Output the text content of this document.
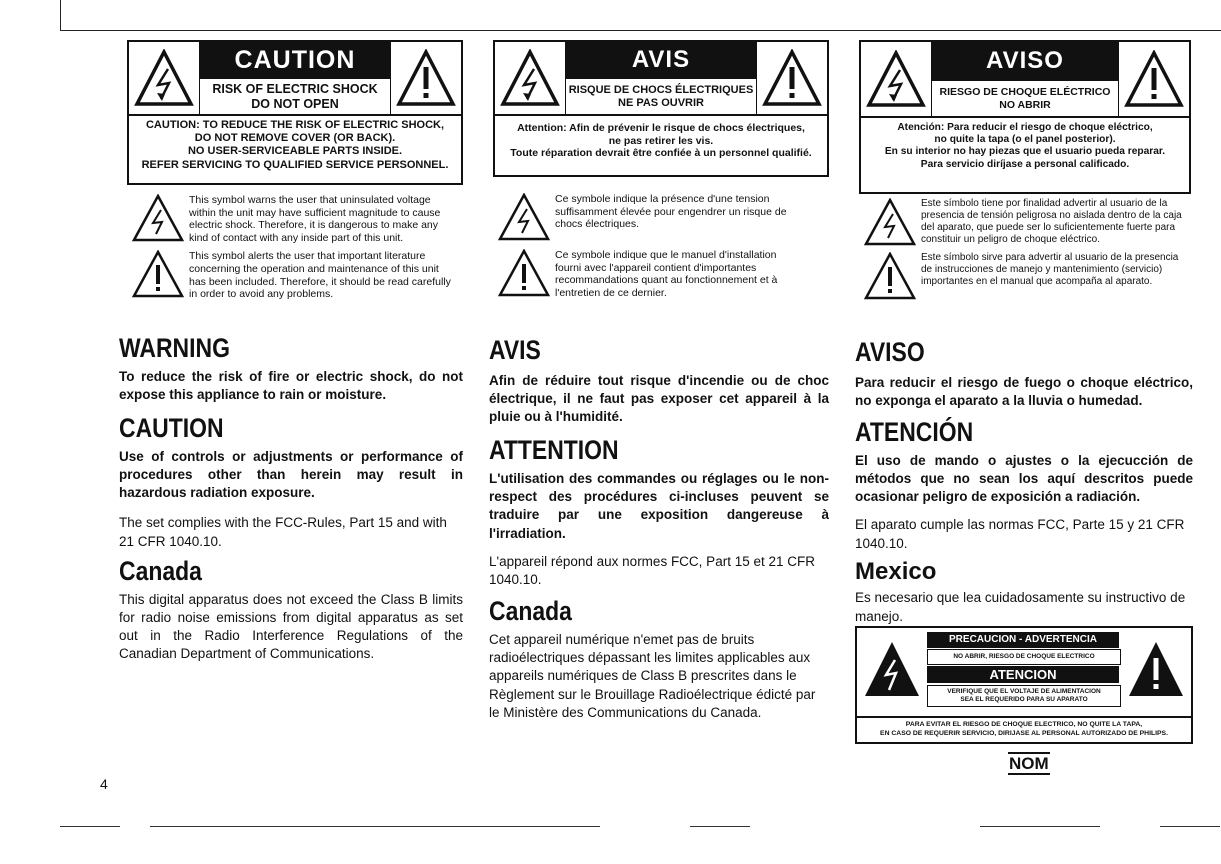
CAUTION
RISK OF ELECTRIC SHOCK
DO NOT OPEN
CAUTION: TO REDUCE THE RISK OF ELECTRIC SHOCK,
DO NOT REMOVE COVER (OR BACK).
NO USER-SERVICEABLE PARTS INSIDE.
REFER SERVICING TO QUALIFIED SERVICE PERSONNEL.
This symbol warns the user that uninsulated voltage within the unit may have sufficient magnitude to cause electric shock. Therefore, it is dangerous to make any kind of contact with any inside part of this unit.
This symbol alerts the user that important literature concerning the operation and maintenance of this unit has been included. Therefore, it should be read carefully in order to avoid any problems.
WARNING

To reduce the risk of fire or electric shock, do not expose this appliance to rain or moisture.

CAUTION

Use of controls or adjustments or performance of procedures other than herein may result in hazardous radiation exposure.

The set complies with the FCC-Rules, Part 15 and with 21 CFR 1040.10.

Canada

This digital apparatus does not exceed the Class B limits for radio noise emissions from digital apparatus as set out in the Radio Interference Regulations of the Canadian Department of Communications.

AVIS
RISQUE DE CHOCS ÉLECTRIQUES
NE PAS OUVRIR
Attention: Afin de prévenir le risque de chocs électriques,
ne pas retirer les vis.
Toute réparation devrait être confiée à un personnel qualifié.
Ce symbole indique la présence d'une tension suffisamment élevée pour engendrer un risque de chocs électriques.
Ce symbole indique que le manuel d'installation fourni avec l'appareil contient d'importantes recommandations quant au fonctionnement et à l'entretien de ce dernier.
AVIS

Afin de réduire tout risque d'incendie ou de choc électrique, il ne faut pas exposer cet appareil à la pluie ou à l'humidité.

ATTENTION

L'utilisation des commandes ou réglages ou le non-respect des procédures ci-incluses peuvent se traduire par une exposition dangereuse à l'irradiation.

L'appareil répond aux normes FCC, Part 15 et 21 CFR 1040.10.

Canada

Cet appareil numérique n'emet pas de bruits radioélectriques dépassant les limites applicables aux appareils numériques de Class B prescrites dans le Règlement sur le Brouillage Radioélectrique édicté par le Ministère des Communications du Canada.

AVISO
RIESGO DE CHOQUE ELÉCTRICO
NO ABRIR
Atención: Para reducir el riesgo de choque eléctrico,
no quite la tapa (o el panel posterior).
En su interior no hay piezas que el usuario pueda reparar.
Para servicio diríjase a personal calificado.
Este símbolo tiene por finalidad advertir al usuario de la presencia de tensión peligrosa no aislada dentro de la caja del aparato, que puede ser lo suficientemente fuerte para constituir un peligro de choque eléctrico.
Este símbolo sirve para advertir al usuario de la presencia de instrucciones de manejo y mantenimiento (servicio) importantes en el manual que acompaña al aparato.
AVISO

Para reducir el riesgo de fuego o choque eléctrico, no exponga el aparato a la lluvia o humedad.

ATENCIÓN

El uso de mando o ajustes o la ejecucción de métodos que no sean los aquí descritos puede ocasionar peligro de exposición a radiación.

El aparato cumple las normas FCC, Parte 15 y 21 CFR 1040.10.

Mexico

Es necesario que lea cuidadosamente su instructivo de manejo.

PRECAUCION - ADVERTENCIA
NO ABRIR, RIESGO DE CHOQUE ELECTRICO
ATENCION
VERIFIQUE QUE EL VOLTAJE DE ALIMENTACION
SEA EL REQUERIDO PARA SU APARATO
PARA EVITAR EL RIESGO DE CHOQUE ELECTRICO, NO QUITE LA TAPA,
EN CASO DE REQUERIR SERVICIO, DIRIJASE AL PERSONAL AUTORIZADO DE PHILIPS.
NOM
4
